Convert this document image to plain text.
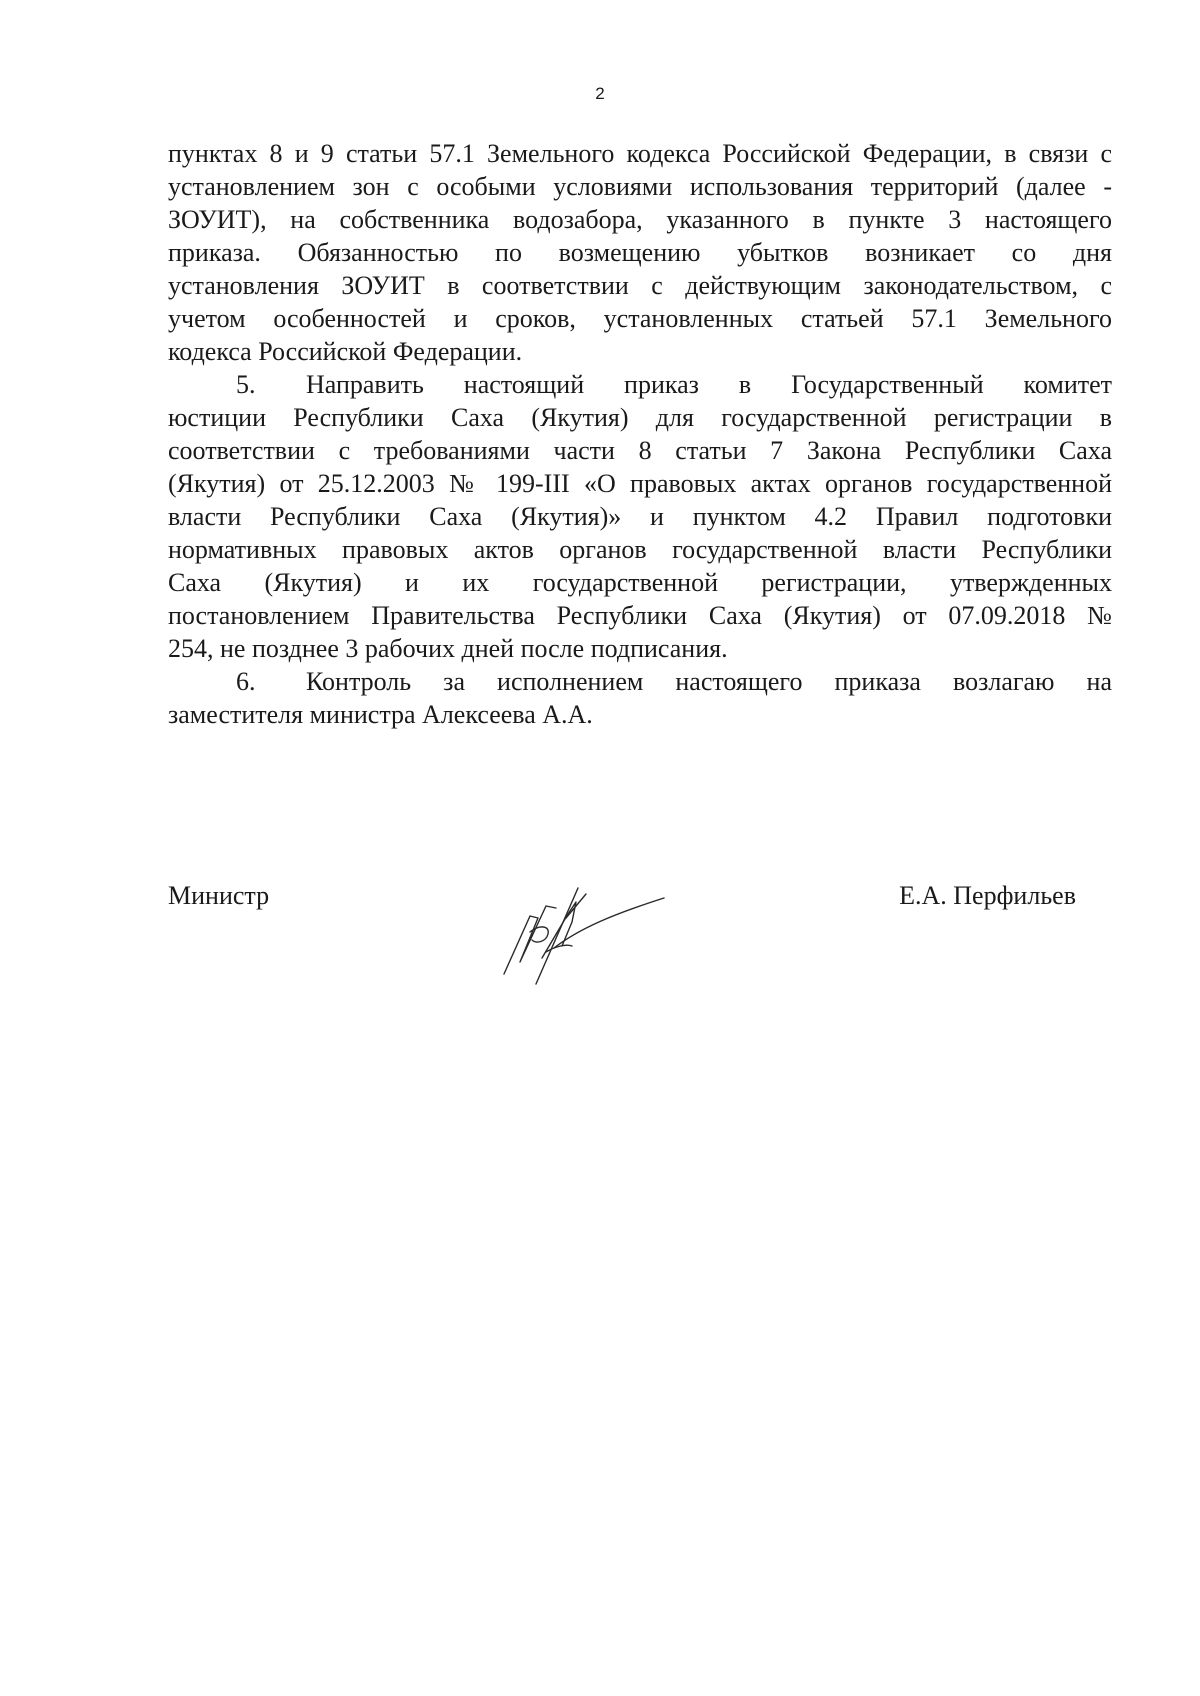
2
пунктах 8 и 9 статьи 57.1 Земельного кодекса Российской Федерации, в связи с
установлением зон с особыми условиями использования территорий (далее -
ЗОУИТ), на собственника водозабора, указанного в пункте 3 настоящего
приказа. Обязанностью по возмещению убытков возникает со дня
установления ЗОУИТ в соответствии с действующим законодательством, с
учетом особенностей и сроков, установленных статьей 57.1 Земельного
кодекса Российской Федерации.
5. Направить настоящий приказ в Государственный комитет
юстиции Республики Саха (Якутия) для государственной регистрации в
соответствии с требованиями части 8 статьи 7 Закона Республики Саха
(Якутия) от 25.12.2003 № 199-III «О правовых актах органов государственной
власти Республики Саха (Якутия)» и пунктом 4.2 Правил подготовки
нормативных правовых актов органов государственной власти Республики
Саха (Якутия) и их государственной регистрации, утвержденных
постановлением Правительства Республики Саха (Якутия) от 07.09.2018 №
254, не позднее 3 рабочих дней после подписания.
6. Контроль за исполнением настоящего приказа возлагаю на
заместителя министра Алексеева А.А.
Министр	Е.А. Перфильев
